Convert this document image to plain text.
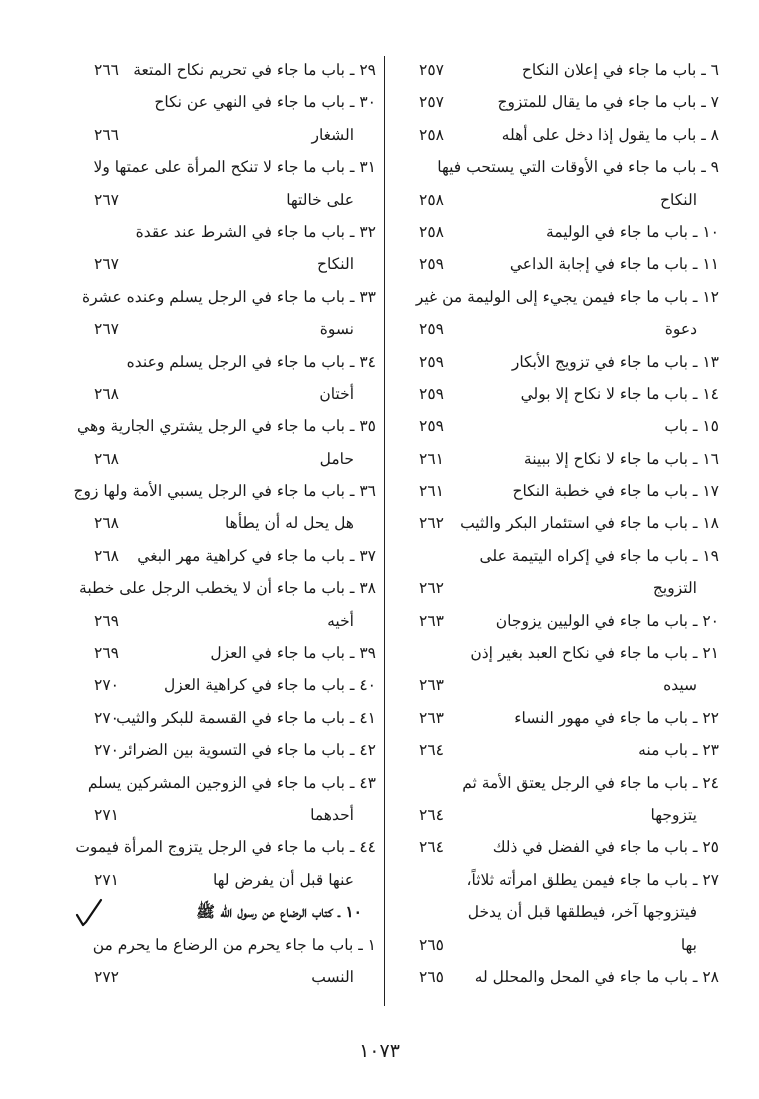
٦ ـ باب ما جاء في إعلان النكاح
٢٥٧
٧ ـ باب ما جاء في ما يقال للمتزوج
٢٥٧
٨ ـ باب ما يقول إذا دخل على أهله
٢٥٨
٩ ـ باب ما جاء في الأوقات التي يستحب فيها
النكاح
٢٥٨
١٠ ـ باب ما جاء في الوليمة
٢٥٨
١١ ـ باب ما جاء في إجابة الداعي
٢٥٩
١٢ ـ باب ما جاء فيمن يجيء إلى الوليمة من غير
دعوة
٢٥٩
١٣ ـ باب ما جاء في تزويج الأبكار
٢٥٩
١٤ ـ باب ما جاء لا نكاح إلا بولي
٢٥٩
١٥ ـ باب
٢٥٩
١٦ ـ باب ما جاء لا نكاح إلا ببينة
٢٦١
١٧ ـ باب ما جاء في خطبة النكاح
٢٦١
١٨ ـ باب ما جاء في استئمار البكر والثيب
٢٦٢
١٩ ـ باب ما جاء في إكراه اليتيمة على
التزويج
٢٦٢
٢٠ ـ باب ما جاء في الوليين يزوجان
٢٦٣
٢١ ـ باب ما جاء في نكاح العبد بغير إذن
سيده
٢٦٣
٢٢ ـ باب ما جاء في مهور النساء
٢٦٣
٢٣ ـ باب منه
٢٦٤
٢٤ ـ باب ما جاء في الرجل يعتق الأمة ثم
يتزوجها
٢٦٤
٢٥ ـ باب ما جاء في الفضل في ذلك
٢٦٤
٢٧ ـ باب ما جاء فيمن يطلق امرأته ثلاثاً،
فيتزوجها آخر، فيطلقها قبل أن يدخل
بها
٢٦٥
٢٨ ـ باب ما جاء في المحل والمحلل له
٢٦٥
٢٩ ـ باب ما جاء في تحريم نكاح المتعة
٢٦٦
٣٠ ـ باب ما جاء في النهي عن نكاح
الشغار
٢٦٦
٣١ ـ باب ما جاء لا تنكح المرأة على عمتها ولا
على خالتها
٢٦٧
٣٢ ـ باب ما جاء في الشرط عند عقدة
النكاح
٢٦٧
٣٣ ـ باب ما جاء في الرجل يسلم وعنده عشرة
نسوة
٢٦٧
٣٤ ـ باب ما جاء في الرجل يسلم وعنده
أختان
٢٦٨
٣٥ ـ باب ما جاء في الرجل يشتري الجارية وهي
حامل
٢٦٨
٣٦ ـ باب ما جاء في الرجل يسبي الأمة ولها زوج
هل يحل له أن يطأها
٢٦٨
٣٧ ـ باب ما جاء في كراهية مهر البغي
٢٦٨
٣٨ ـ باب ما جاء أن لا يخطب الرجل على خطبة
أخيه
٢٦٩
٣٩ ـ باب ما جاء في العزل
٢٦٩
٤٠ ـ باب ما جاء في كراهية العزل
٢٧٠
٤١ ـ باب ما جاء في القسمة للبكر والثيب
٢٧٠
٤٢ ـ باب ما جاء في التسوية بين الضرائر
٢٧٠
٤٣ ـ باب ما جاء في الزوجين المشركين يسلم
أحدهما
٢٧١
٤٤ ـ باب ما جاء في الرجل يتزوج المرأة فيموت
عنها قبل أن يفرض لها
٢٧١
١٠ ـ كتاب الرضاع عن رسول الله ﷺ
١ ـ باب ما جاء يحرم من الرضاع ما يحرم من
النسب
٢٧٢
١٠٧٣
